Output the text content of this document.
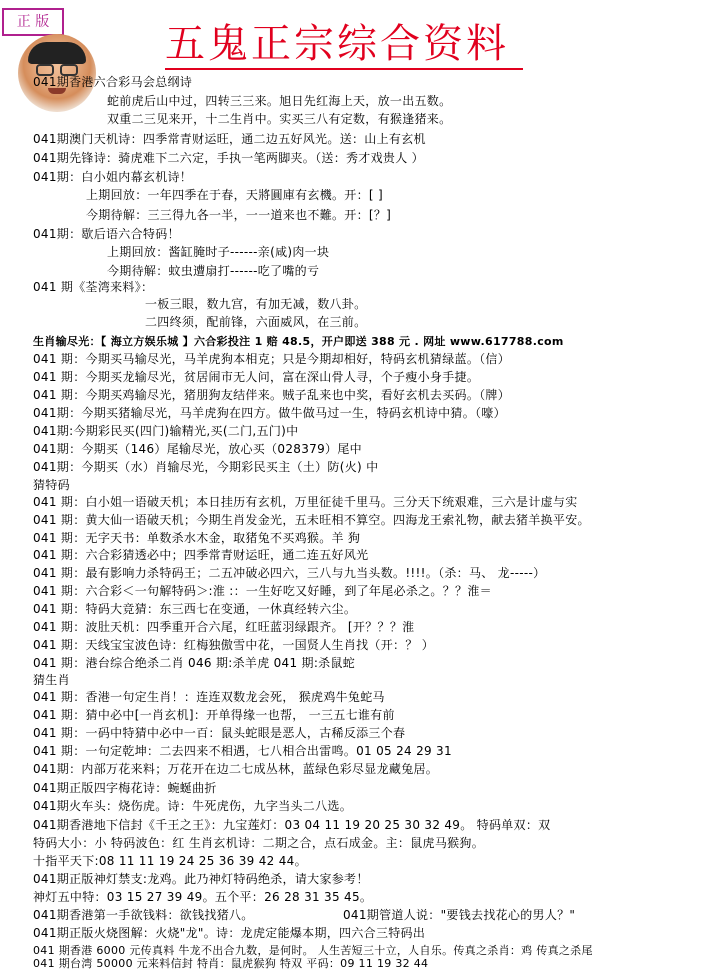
正 版	五鬼正宗综合资料
041期香港六合彩马会总纲诗
蛇前虎后山中过，四转三三来。旭日先红海上天，放一出五数。
双重二三见来开，十二生肖中。实买三八有定数，有猴逢猪来。
041期澳门天机诗：四季常青财运旺，通二边五好风光。送：山上有玄机
041期先锋诗：骑虎难下二六定，手执一笔两脚夹。（送：秀才戏贵人 ）
041期：白小姐内幕玄机诗！
上期回放：一年四季在于春，天將圓庫有玄機。开：[ ]
今期待解：三三得九各一半，一一道来也不難。开：[？]
041期：歇后语六合特码！
上期回放：酱缸腌时子------亲(咸)肉一块
今期待解：蚊虫遭扇打------吃了嘴的亏
041 期《荃湾来料》：
一板三眼，数九宫，有加无减，数八卦。
二四终须，配前锋，六面威风，在三前。
生肖输尽光：【 海立方娱乐城 】六合彩投注 1 赔 48.5，开户即送 388 元 . 网址 www.617788.com
041 期：今期买马输尽光，马羊虎狗本相克；只是今期却相好，特码玄机猜绿蓝。（信）
041 期：今期买龙输尽光，贫居闹市无人问，富在深山骨人寻，个子瘦小身手捷。
041 期：今期买鸡输尽光，猪朋狗友结伴来。贼子乱来也中奖，看好玄机去买码。（牌）
041期：今期买猪输尽光，马羊虎狗在四方。做牛做马过一生，特码玄机诗中猜。（嚎）
041期:今期彩民买(四门)输精光,买(二门,五门)中
041期：今期买（146）尾输尽光，放心买（028379）尾中
041期：今期买（水）肖输尽光，今期彩民买主（土）防(火) 中
猜特码
041 期：白小姐一语破天机；本日挂历有玄机，万里征徒千里马。三分天下统艰难，三六是计虚与实
041 期：黄大仙一语破天机；今期生肖发金光，五未旺相不算空。四海龙王索礼物，献去猪羊换平安。
041 期：无字天书：单数杀水木金，取猪兔不买鸡猴。羊 狗
041 期：六合彩猜透必中；四季常青财运旺，通二连五好风光
041 期：最有影响力杀特码王；二五冲破必四六，三八与九当头数。!!!!。（杀：马、 龙-----）
041 期：六合彩＜一句解特码＞:淮 :：一生好吃又好睡，到了年尾必杀之。？？淮＝
041 期：特码大竞猜：东三西七在变通，一休真经转六尘。
041 期：波肚天机：四季重开合六尾，红旺蓝羽绿跟齐。 [开？？？淮
041 期：天线宝宝波色诗：红梅独傲雪中花，一国贤人生肖找（开：？ ）
041 期：港台综合绝杀二肖 046 期:杀羊虎 041 期:杀鼠蛇
猜生肖
041 期：香港一句定生肖！：连连双数龙会死， 猴虎鸡牛兔蛇马
041 期：猜中必中[一肖玄机]：开单得缘一也帮， 一三五七谁有前
041 期：一码中特猜中必中一百：鼠头蛇眼是恶人，古稀反添三个春
041 期：一句定乾坤：二去四来不相遇，七八相合出雷鸣。01 05 24 29 31
041期：内部万花来料；万花开在边二七成丛林，蓝绿色彩尽显龙藏兔居。
041期正版四字梅花诗：蜿蜒曲折
041期火车头：烧伤虎。诗：牛死虎伤，九字当头二八选。
041期香港地下信封《千王之王》：九宝莲灯：03 04 11 19 20 25 30 32 49。 特码单双：双
特码大小：小 特码波色：红 生肖玄机诗：二期之合，点石成金。主：鼠虎马猴狗。
十指平天下:08 11 11 19 24 25 36 39 42 44。
041期正版神灯禁支:龙鸡。此乃神灯特码绝杀，请大家参考！
神灯五中特：03 15 27 39 49。五个平：26 28 31 35 45。
041期香港第一手欲钱料：欲钱找猪八。	041期管道人说："要钱去找花心的男人？"
041期正版火烧图解：火烧"龙"。诗：龙虎定能爆本期，四六合三特码出
041 期香港 6000 元传真料 牛龙不出合九数，是何时。 人生苦短三十立，人自乐。传真之杀肖：鸡 传真之杀尾
041 期台湾 50000 元来料信封 特肖：鼠虎猴狗 特双 平码：09 11 19 32 44
